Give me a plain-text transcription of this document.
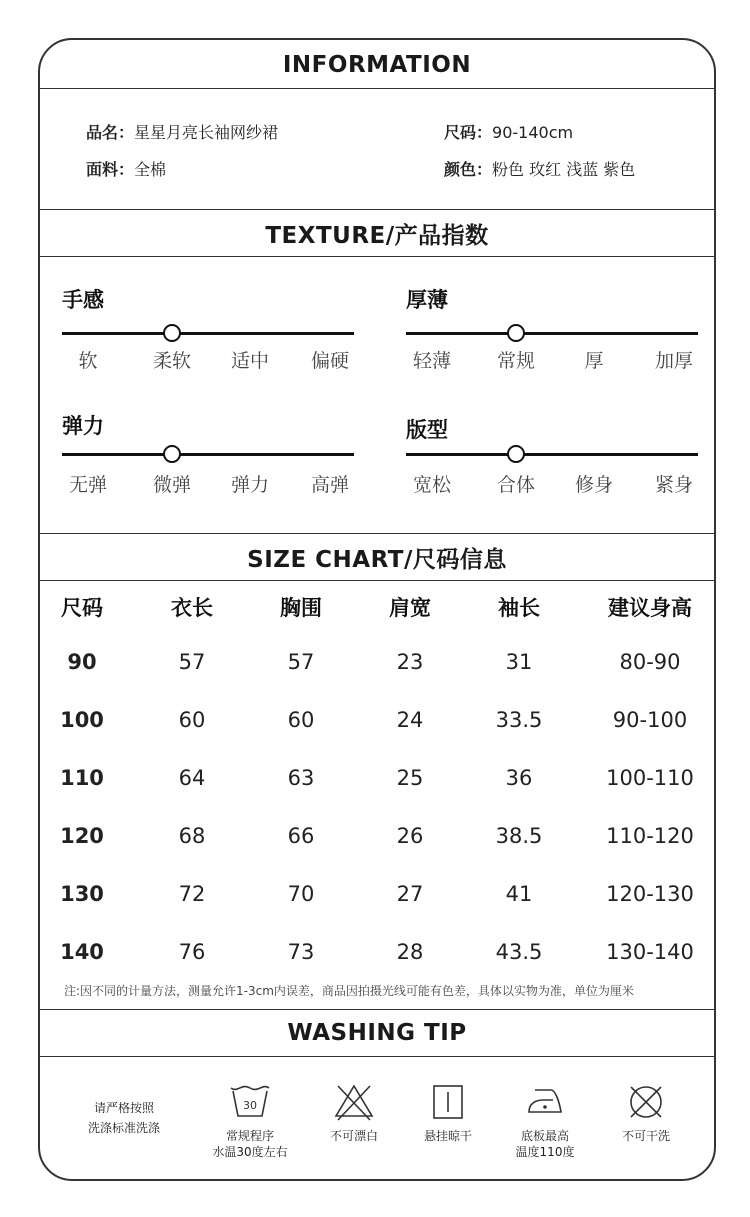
INFORMATION
品名：星星月亮长袖网纱裙	尺码：90-140cm
面料：全棉	颜色：粉色 玫红 浅蓝 紫色
TEXTURE/产品指数
手感
软	柔软 适中 偏硬
厚薄
轻薄 常规	厚	加厚
弹力
无弹 微弹 弹力 高弹
版型
宽松 合体 修身 紧身
SIZE CHART/尺码信息
尺码	衣长	胸围	肩宽	袖长	建议身高
90	57	57	23	31	80-90
100	60	60	24	33.5	90-100
110	64	63	25	36	100-110
120	68	66	26	38.5	110-120
130	72	70	27	41	120-130
140	76	73	28	43.5	130-140
注:因不同的计量方法，测量允许1-3cm内误差，商品因拍摄光线可能有色差，具体以实物为准，单位为厘米
WASHING TIP
请严格按照
洗涤标准洗涤
30
常规程序
水温30度左右
不可漂白	悬挂晾干	底板最高
温度110度
不可干洗
